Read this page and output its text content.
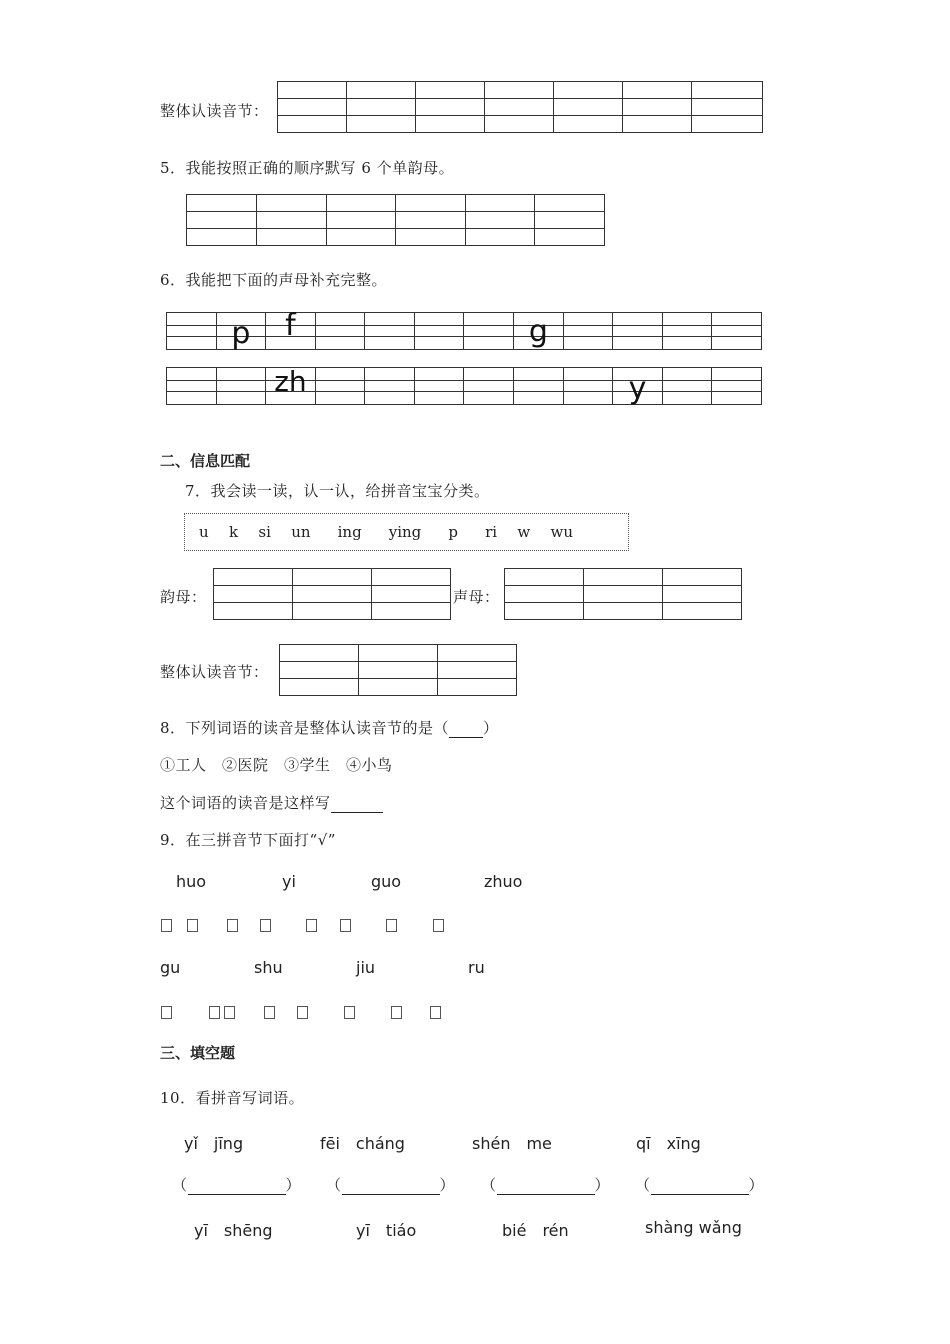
整体认读音节：

5．我能按照正确的顺序默写 6 个单韵母。

6．我能把下面的声母补充完整。
p	f	g
zh	y
二、信息匹配
7．我会读一读，认一认，给拼音宝宝分类。
u k si un ing ying p ri w wu
韵母：

			声母：

整体认读音节：

8．下列词语的读音是整体认读音节的是（ ）
①工人　②医院　③学生　④小鸟
这个词语的读音是这样写
9．在三拼音节下面打“√”
huo	yi	guo	zhuo
gu	shu	jiu	ru
三、填空题
10．看拼音写词语。
yǐ　jīng	fēi　cháng	shén　me	qī　xīng
（	） （	） （	） （	）
yī　shēng	yī　tiáo	bié　rén	shàng wǎng
